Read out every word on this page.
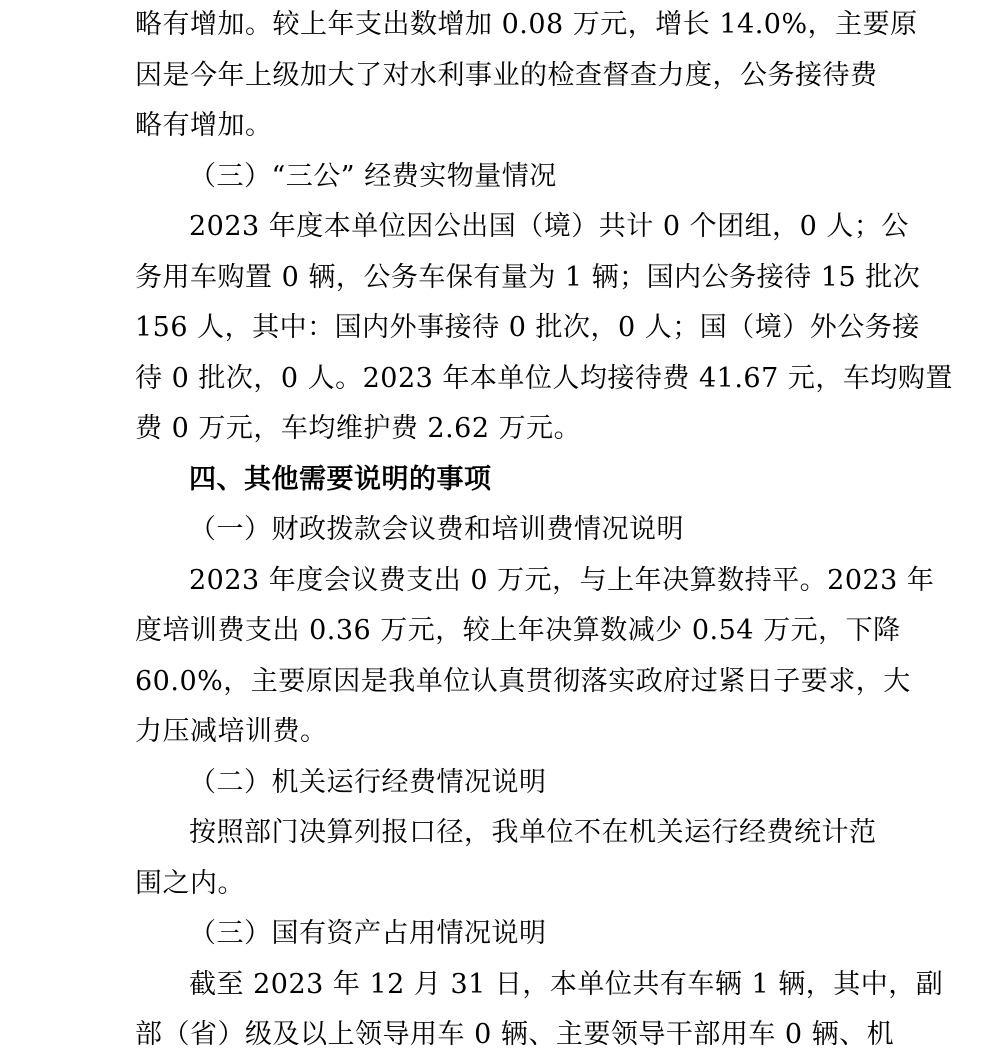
略有增加。较上年支出数增加 0.08 万元，增长 14.0%，主要原
因是今年上级加大了对水利事业的检查督查力度，公务接待费
略有增加。
（三）“三公” 经费实物量情况
2023 年度本单位因公出国（境）共计 0 个团组，0 人；公
务用车购置 0 辆，公务车保有量为 1 辆；国内公务接待 15 批次
156 人，其中：国内外事接待 0 批次，0 人；国（境）外公务接
待 0 批次，0 人。2023 年本单位人均接待费 41.67 元，车均购置
费 0 万元，车均维护费 2.62 万元。
四、其他需要说明的事项
（一）财政拨款会议费和培训费情况说明
2023 年度会议费支出 0 万元，与上年决算数持平。2023 年
度培训费支出 0.36 万元，较上年决算数减少 0.54 万元，下降
60.0%，主要原因是我单位认真贯彻落实政府过紧日子要求，大
力压减培训费。
（二）机关运行经费情况说明
按照部门决算列报口径，我单位不在机关运行经费统计范
围之内。
（三）国有资产占用情况说明
截至 2023 年 12 月 31 日，本单位共有车辆 1 辆，其中，副
部（省）级及以上领导用车 0 辆、主要领导干部用车 0 辆、机
